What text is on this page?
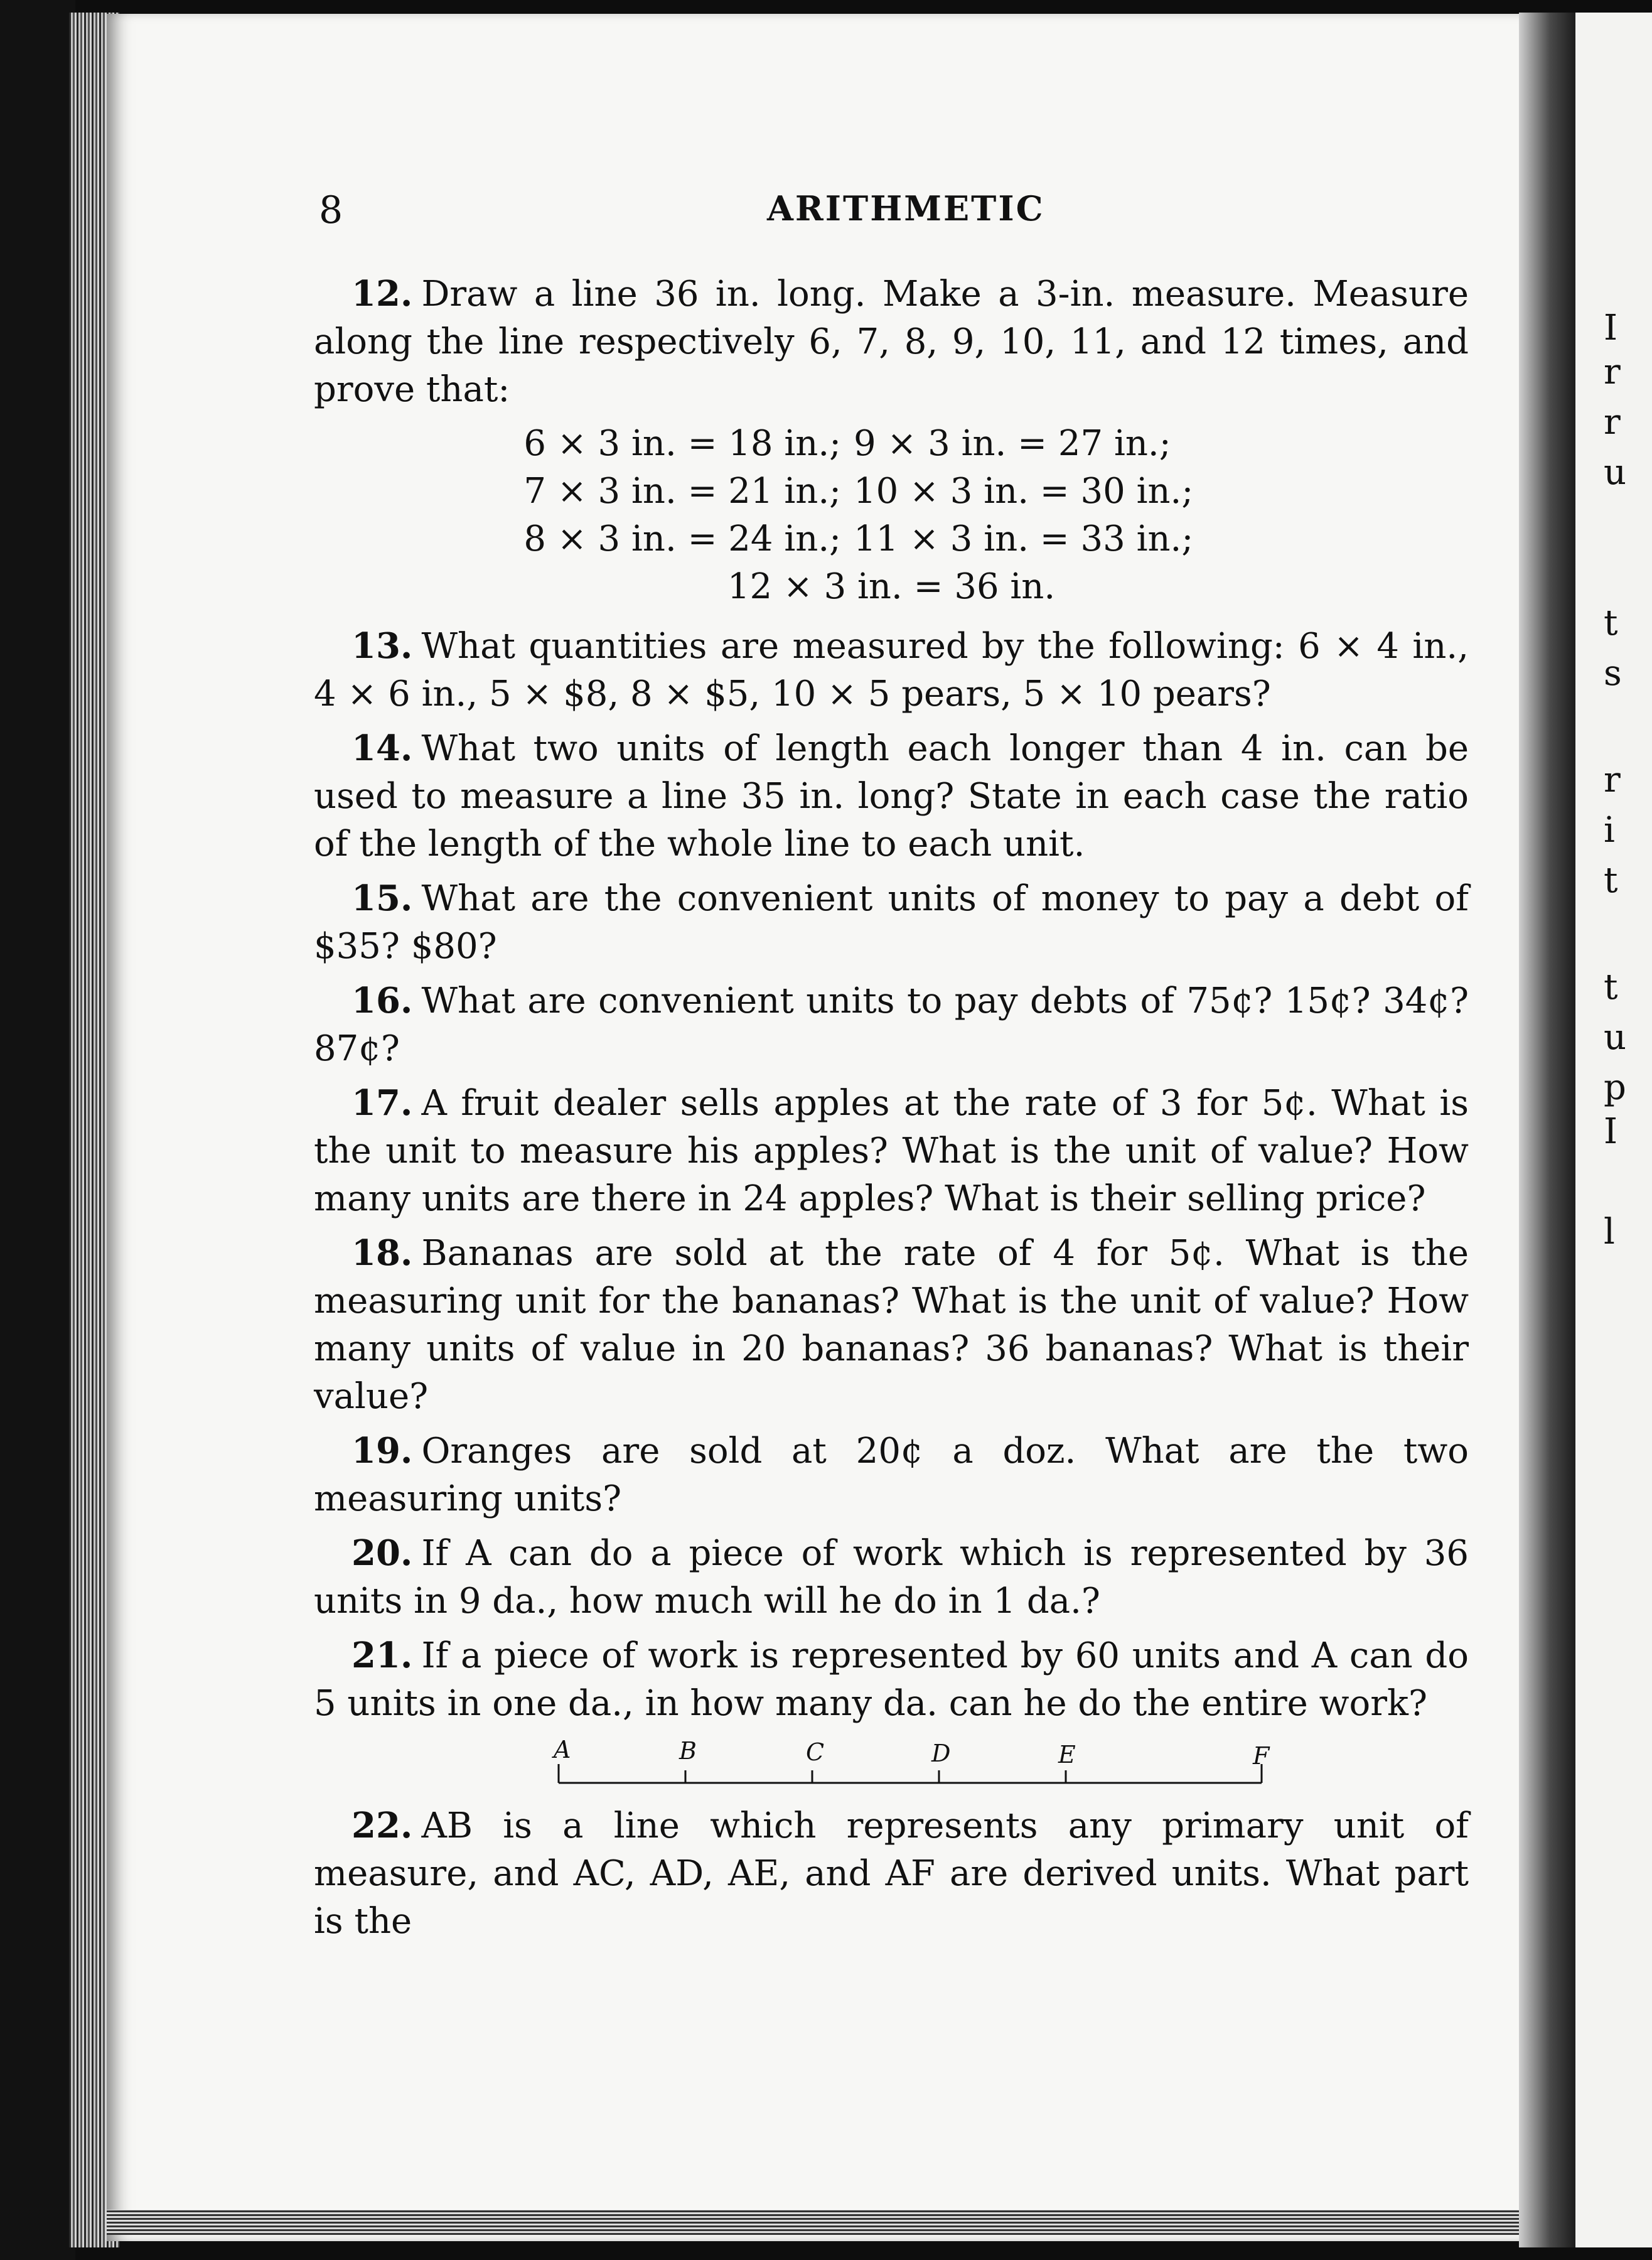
I
r
r
u
t
s
r
i
t
t
u
p
I
l
8	ARITHMETIC

12. Draw a line 36 in. long. Make a 3-in. measure. Measure along the line respectively 6, 7, 8, 9, 10, 11, and 12 times, and prove that:

6 × 3 in. = 18 in.; 9 × 3 in. = 27 in.;
7 × 3 in. = 21 in.; 10 × 3 in. = 30 in.;
8 × 3 in. = 24 in.; 11 × 3 in. = 33 in.;
12 × 3 in. = 36 in.

13. What quantities are measured by the following: 6 × 4 in., 4 × 6 in., 5 × $8, 8 × $5, 10 × 5 pears, 5 × 10 pears?

14. What two units of length each longer than 4 in. can be used to measure a line 35 in. long? State in each case the ratio of the length of the whole line to each unit.

15. What are the convenient units of money to pay a debt of $35? $80?

16. What are convenient units to pay debts of 75¢? 15¢? 34¢? 87¢?

17. A fruit dealer sells apples at the rate of 3 for 5¢. What is the unit to measure his apples? What is the unit of value? How many units are there in 24 apples? What is their selling price?

18. Bananas are sold at the rate of 4 for 5¢. What is the measuring unit for the bananas? What is the unit of value? How many units of value in 20 bananas? 36 bananas? What is their value?

19. Oranges are sold at 20¢ a doz. What are the two measuring units?

20. If A can do a piece of work which is represented by 36 units in 9 da., how much will he do in 1 da.?

21. If a piece of work is represented by 60 units and A can do 5 units in one da., in how many da. can he do the entire work?

A	B	C	D	E	F

22. AB is a line which represents any primary unit of measure, and AC, AD, AE, and AF are derived units. What part is the
